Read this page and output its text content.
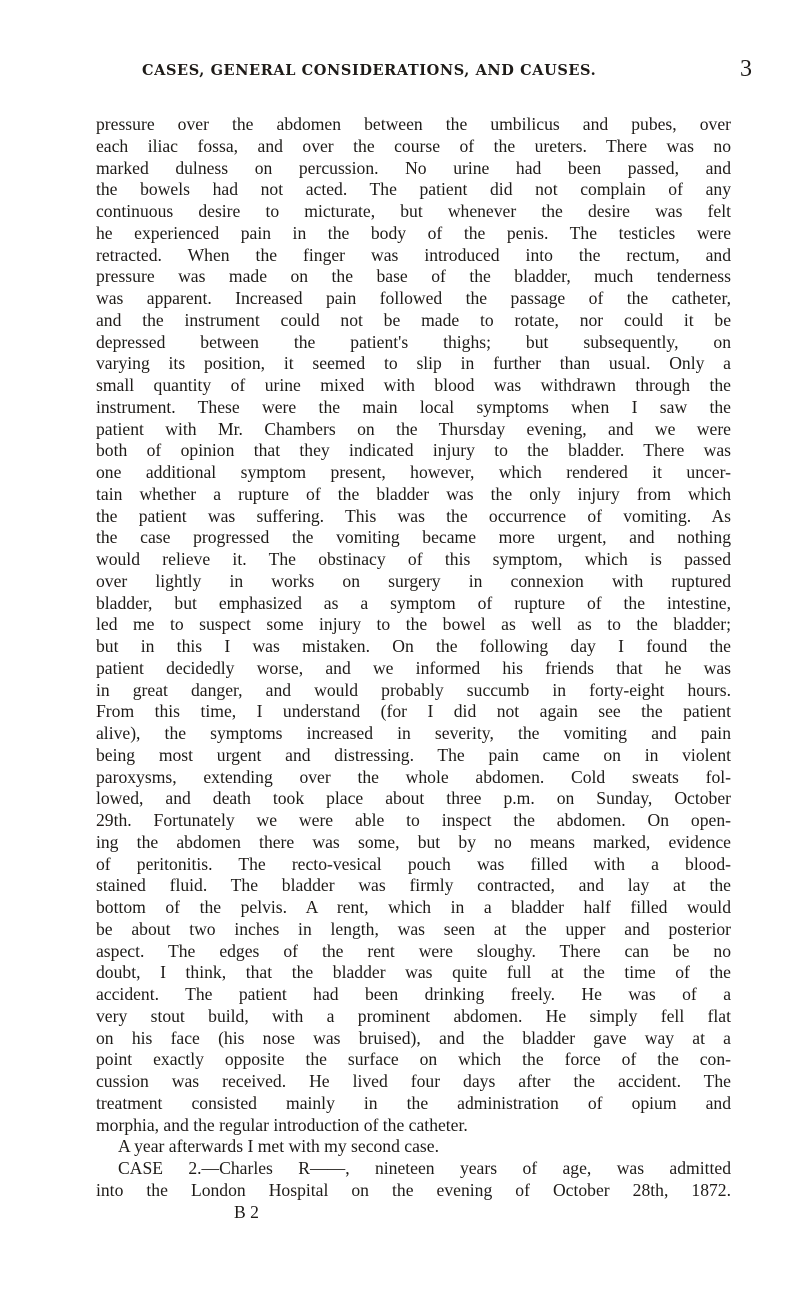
CASES, GENERAL CONSIDERATIONS, AND CAUSES.	3
pressure over the abdomen between the umbilicus and pubes, over
each iliac fossa, and over the course of the ureters. There was no
marked dulness on percussion. No urine had been passed, and
the bowels had not acted. The patient did not complain of any
continuous desire to micturate, but whenever the desire was felt
he experienced pain in the body of the penis. The testicles were
retracted. When the finger was introduced into the rectum, and
pressure was made on the base of the bladder, much tenderness
was apparent. Increased pain followed the passage of the catheter,
and the instrument could not be made to rotate, nor could it be
depressed between the patient's thighs; but subsequently, on
varying its position, it seemed to slip in further than usual. Only a
small quantity of urine mixed with blood was withdrawn through the
instrument. These were the main local symptoms when I saw the
patient with Mr. Chambers on the Thursday evening, and we were
both of opinion that they indicated injury to the bladder. There was
one additional symptom present, however, which rendered it uncer-
tain whether a rupture of the bladder was the only injury from which
the patient was suffering. This was the occurrence of vomiting. As
the case progressed the vomiting became more urgent, and nothing
would relieve it. The obstinacy of this symptom, which is passed
over lightly in works on surgery in connexion with ruptured
bladder, but emphasized as a symptom of rupture of the intestine,
led me to suspect some injury to the bowel as well as to the bladder;
but in this I was mistaken. On the following day I found the
patient decidedly worse, and we informed his friends that he was
in great danger, and would probably succumb in forty-eight hours.
From this time, I understand (for I did not again see the patient
alive), the symptoms increased in severity, the vomiting and pain
being most urgent and distressing. The pain came on in violent
paroxysms, extending over the whole abdomen. Cold sweats fol-
lowed, and death took place about three p.m. on Sunday, October
29th. Fortunately we were able to inspect the abdomen. On open-
ing the abdomen there was some, but by no means marked, evidence
of peritonitis. The recto-vesical pouch was filled with a blood-
stained fluid. The bladder was firmly contracted, and lay at the
bottom of the pelvis. A rent, which in a bladder half filled would
be about two inches in length, was seen at the upper and posterior
aspect. The edges of the rent were sloughy. There can be no
doubt, I think, that the bladder was quite full at the time of the
accident. The patient had been drinking freely. He was of a
very stout build, with a prominent abdomen. He simply fell flat
on his face (his nose was bruised), and the bladder gave way at a
point exactly opposite the surface on which the force of the con-
cussion was received. He lived four days after the accident. The
treatment consisted mainly in the administration of opium and
morphia, and the regular introduction of the catheter.
A year afterwards I met with my second case.
CASE 2.—Charles R——, nineteen years of age, was admitted
into the London Hospital on the evening of October 28th, 1872.
B 2
